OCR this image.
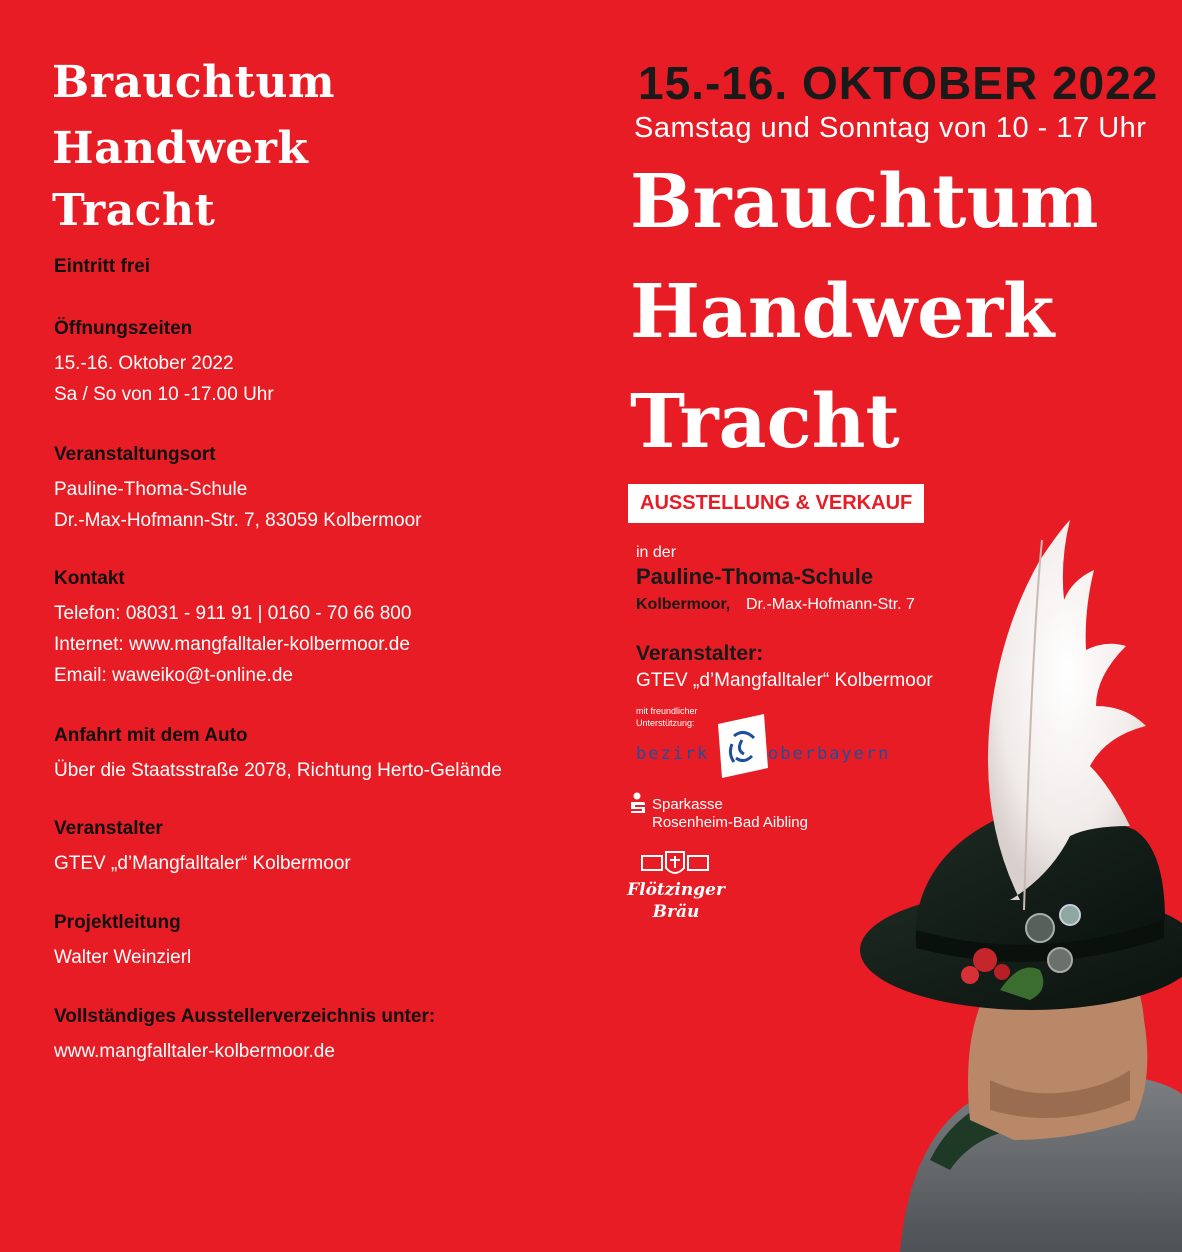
Brauchtum
Handwerk
Tracht
Eintritt frei
Öffnungszeiten
15.-16. Oktober 2022
Sa / So von 10 -17.00 Uhr
Veranstaltungsort
Pauline-Thoma-Schule
Dr.-Max-Hofmann-Str. 7, 83059 Kolbermoor
Kontakt
Telefon: 08031 - 911 91 | 0160 - 70 66 800
Internet: www.mangfalltaler-kolbermoor.de
Email: waweiko@t-online.de
Anfahrt mit dem Auto
Über die Staatsstraße 2078, Richtung Herto-Gelände
Veranstalter
GTEV „d’Mangfalltaler“ Kolbermoor
Projektleitung
Walter Weinzierl
Vollständiges Ausstellerverzeichnis unter:
www.mangfalltaler-kolbermoor.de
15.-16. OKTOBER 2022
Samstag und Sonntag von 10 - 17 Uhr
Brauchtum
Handwerk
Tracht
AUSSTELLUNG & VERKAUF
in der
Pauline-Thoma-Schule
Kolbermoor, Dr.-Max-Hofmann-Str. 7
Veranstalter:
GTEV „d’Mangfalltaler“ Kolbermoor
mit freundlicher
Unterstützung:
bezirk	oberbayern
Sparkasse
Rosenheim-Bad Aibling
Flötzinger
Bräu
